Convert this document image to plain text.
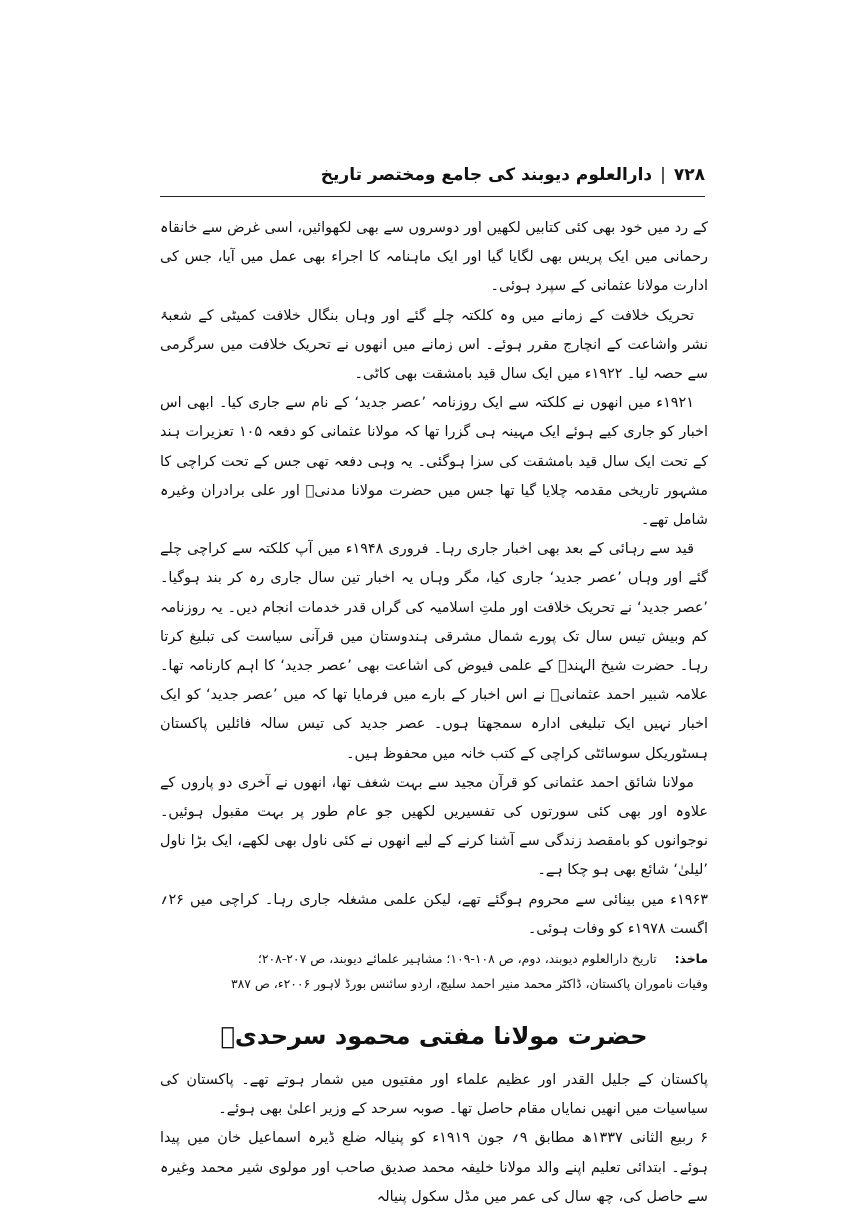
۷۲۸
|
دارالعلوم دیوبند کی جامع ومختصر تاریخ

کے رد میں خود بھی کئی کتابیں لکھیں اور دوسروں سے بھی لکھوائیں، اسی غرض سے خانقاہ رحمانی میں ایک پریس بھی لگایا گیا اور ایک ماہنامہ کا اجراء بھی عمل میں آیا، جس کی ادارت مولانا عثمانی کے سپرد ہوئی۔

تحریک خلافت کے زمانے میں وہ کلکتہ چلے گئے اور وہاں بنگال خلافت کمیٹی کے شعبۂ نشر واشاعت کے انچارج مقرر ہوئے۔ اس زمانے میں انھوں نے تحریک خلافت میں سرگرمی سے حصہ لیا۔ ۱۹۲۲ء میں ایک سال قید بامشقت بھی کاٹی۔

۱۹۲۱ء میں انھوں نے کلکتہ سے ایک روزنامہ ’عصر جدید‘ کے نام سے جاری کیا۔ ابھی اس اخبار کو جاری کیے ہوئے ایک مہینہ ہی گزرا تھا کہ مولانا عثمانی کو دفعہ ۱۰۵ تعزیرات ہند کے تحت ایک سال قید بامشقت کی سزا ہوگئی۔ یہ وہی دفعہ تھی جس کے تحت کراچی کا مشہور تاریخی مقدمہ چلایا گیا تھا جس میں حضرت مولانا مدنیؒ اور علی برادران وغیرہ شامل تھے۔

قید سے رہائی کے بعد بھی اخبار جاری رہا۔ فروری ۱۹۴۸ء میں آپ کلکتہ سے کراچی چلے گئے اور وہاں ’عصر جدید‘ جاری کیا، مگر وہاں یہ اخبار تین سال جاری رہ کر بند ہوگیا۔ ’عصر جدید‘ نے تحریک خلافت اور ملتِ اسلامیہ کی گراں قدر خدمات انجام دیں۔ یہ روزنامہ کم وبیش تیس سال تک پورے شمال مشرقی ہندوستان میں قرآنی سیاست کی تبلیغ کرتا رہا۔ حضرت شیخ الہندؒ کے علمی فیوض کی اشاعت بھی ’عصر جدید‘ کا اہم کارنامہ تھا۔ علامہ شبیر احمد عثمانیؒ نے اس اخبار کے بارے میں فرمایا تھا کہ میں ’عصر جدید‘ کو ایک اخبار نہیں ایک تبلیغی ادارہ سمجھتا ہوں۔ عصر جدید کی تیس سالہ فائلیں پاکستان ہسٹوریکل سوسائٹی کراچی کے کتب خانہ میں محفوظ ہیں۔

مولانا شائق احمد عثمانی کو قرآن مجید سے بہت شغف تھا، انھوں نے آخری دو پاروں کے علاوہ اور بھی کئی سورتوں کی تفسیریں لکھیں جو عام طور پر بہت مقبول ہوئیں۔ نوجوانوں کو بامقصد زندگی سے آشنا کرنے کے لیے انھوں نے کئی ناول بھی لکھے، ایک بڑا ناول ’لیلیٰ‘ شائع بھی ہو چکا ہے۔

۱۹۶۳ء میں بینائی سے محروم ہوگئے تھے، لیکن علمی مشغلہ جاری رہا۔ کراچی میں ۲۶؍ اگست ۱۹۷۸ء کو وفات ہوئی۔

ماخذ: تاریخ دارالعلوم دیوبند، دوم، ص ۱۰۸-۱۰۹؛ مشاہیر علمائے دیوبند، ص ۲۰۷-۲۰۸؛
وفیات ناموران پاکستان، ڈاکٹر محمد منیر احمد سلیچ، اردو سائنس بورڈ لاہور ۲۰۰۶ء، ص ۳۸۷
حضرت مولانا مفتی محمود سرحدیؒ

پاکستان کے جلیل القدر اور عظیم علماء اور مفتیوں میں شمار ہوتے تھے۔ پاکستان کی سیاسیات میں انھیں نمایاں مقام حاصل تھا۔ صوبہ سرحد کے وزیر اعلیٰ بھی ہوئے۔

۶ ربیع الثانی ۱۳۳۷ھ مطابق ۹؍ جون ۱۹۱۹ء کو پنیالہ ضلع ڈیرہ اسماعیل خان میں پیدا ہوئے۔ ابتدائی تعلیم اپنے والد مولانا خلیفہ محمد صدیق صاحب اور مولوی شیر محمد وغیرہ سے حاصل کی، چھ سال کی عمر میں مڈل سکول پنیالہ
